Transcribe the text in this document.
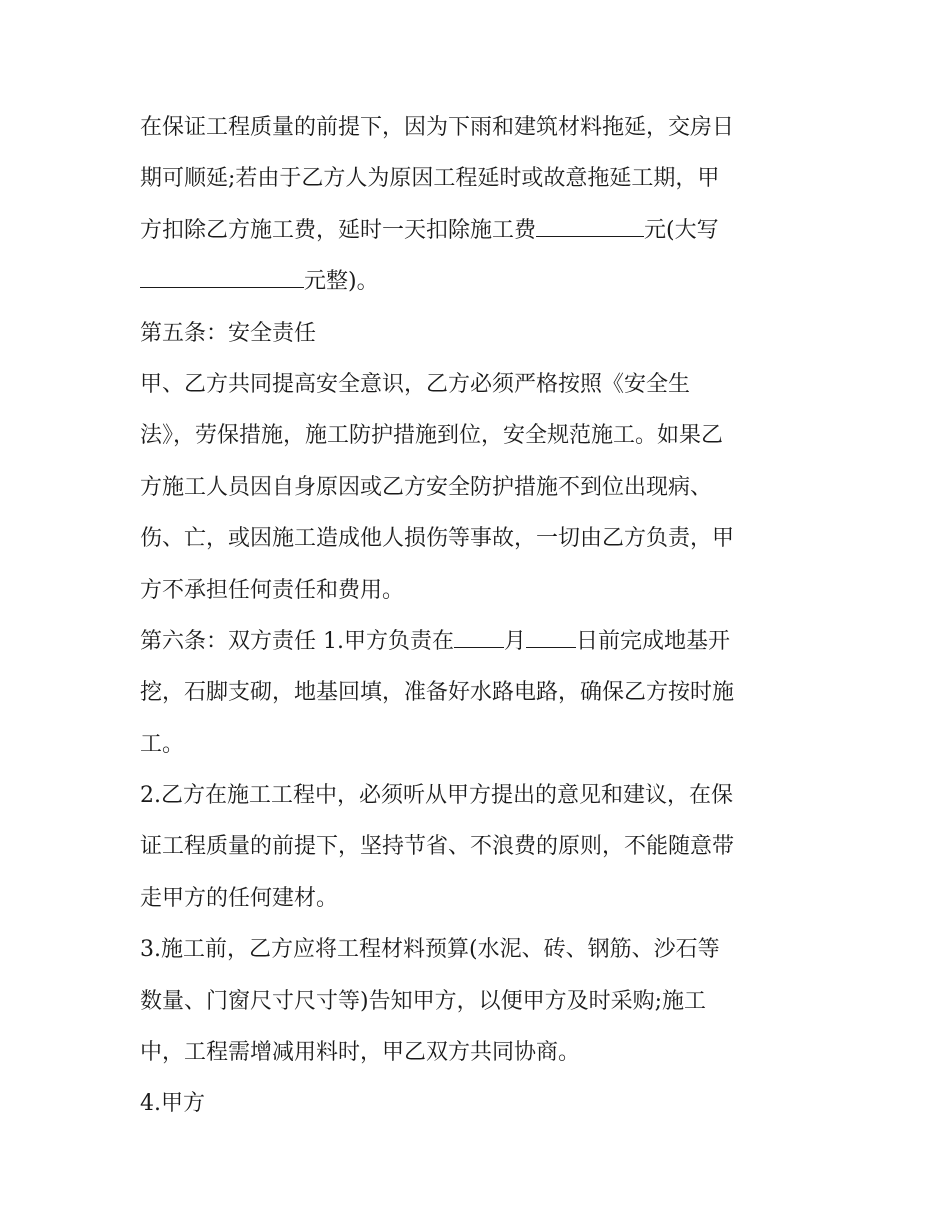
在保证工程质量的前提下，因为下雨和建筑材料拖延，交房日
期可顺延;若由于乙方人为原因工程延时或故意拖延工期，甲
方扣除乙方施工费，延时一天扣除施工费	元(大写
元整)。
第五条：安全责任
甲、乙方共同提高安全意识，乙方必须严格按照《安全生
法》，劳保措施，施工防护措施到位，安全规范施工。如果乙
方施工人员因自身原因或乙方安全防护措施不到位出现病、
伤、亡，或因施工造成他人损伤等事故，一切由乙方负责，甲
方不承担任何责任和费用。
第六条：双方责任 1.甲方负责在 月 日前完成地基开
挖，石脚支砌，地基回填，准备好水路电路，确保乙方按时施
工。
2.乙方在施工工程中，必须听从甲方提出的意见和建议，在保
证工程质量的前提下，坚持节省、不浪费的原则，不能随意带
走甲方的任何建材。
3.施工前，乙方应将工程材料预算(水泥、砖、钢筋、沙石等
数量、门窗尺寸尺寸等)告知甲方，以便甲方及时采购;施工
中，工程需增减用料时，甲乙双方共同协商。
4.甲方
